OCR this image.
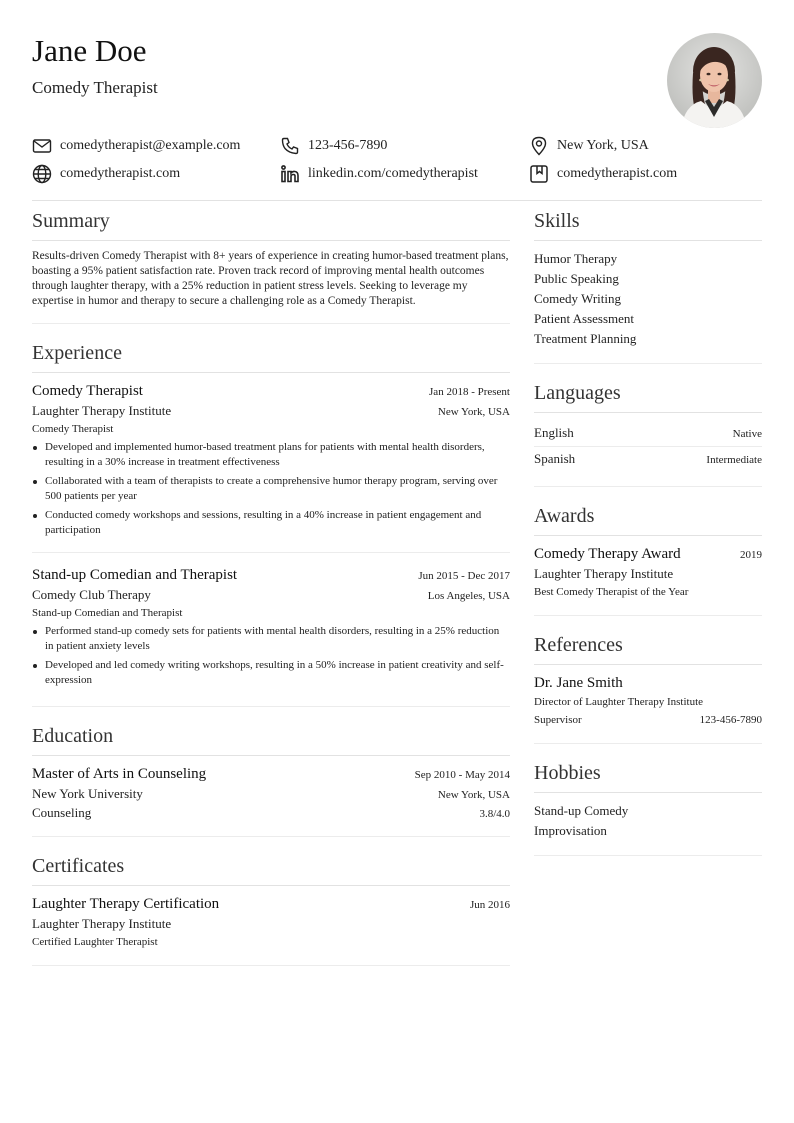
Jane Doe
Comedy Therapist
comedytherapist@example.com	123-456-7890	New York, USA
comedytherapist.com	linkedin.com/comedytherapist	comedytherapist.com
Summary
Results-driven Comedy Therapist with 8+ years of experience in creating humor-based treatment plans, boasting a 95% patient satisfaction rate. Proven track record of improving mental health outcomes through laughter therapy, with a 25% reduction in patient stress levels. Seeking to leverage my expertise in humor and therapy to secure a challenging role as a Comedy Therapist.
Experience
Comedy Therapist	Jan 2018 - Present
Laughter Therapy Institute	New York, USA
Comedy Therapist
Developed and implemented humor-based treatment plans for patients with mental health disorders, resulting in a 30% increase in treatment effectiveness
Collaborated with a team of therapists to create a comprehensive humor therapy program, serving over 500 patients per year
Conducted comedy workshops and sessions, resulting in a 40% increase in patient engagement and participation
Stand-up Comedian and Therapist	Jun 2015 - Dec 2017
Comedy Club Therapy	Los Angeles, USA
Stand-up Comedian and Therapist
Performed stand-up comedy sets for patients with mental health disorders, resulting in a 25% reduction in patient anxiety levels
Developed and led comedy writing workshops, resulting in a 50% increase in patient creativity and self-expression
Education
Master of Arts in Counseling	Sep 2010 - May 2014
New York University	New York, USA
Counseling	3.8/4.0
Certificates
Laughter Therapy Certification	Jun 2016
Laughter Therapy Institute
Certified Laughter Therapist
Skills
Humor Therapy
Public Speaking
Comedy Writing
Patient Assessment
Treatment Planning
Languages
English	Native
Spanish	Intermediate
Awards
Comedy Therapy Award	2019
Laughter Therapy Institute
Best Comedy Therapist of the Year
References
Dr. Jane Smith
Director of Laughter Therapy Institute
Supervisor	123-456-7890
Hobbies
Stand-up Comedy
Improvisation
